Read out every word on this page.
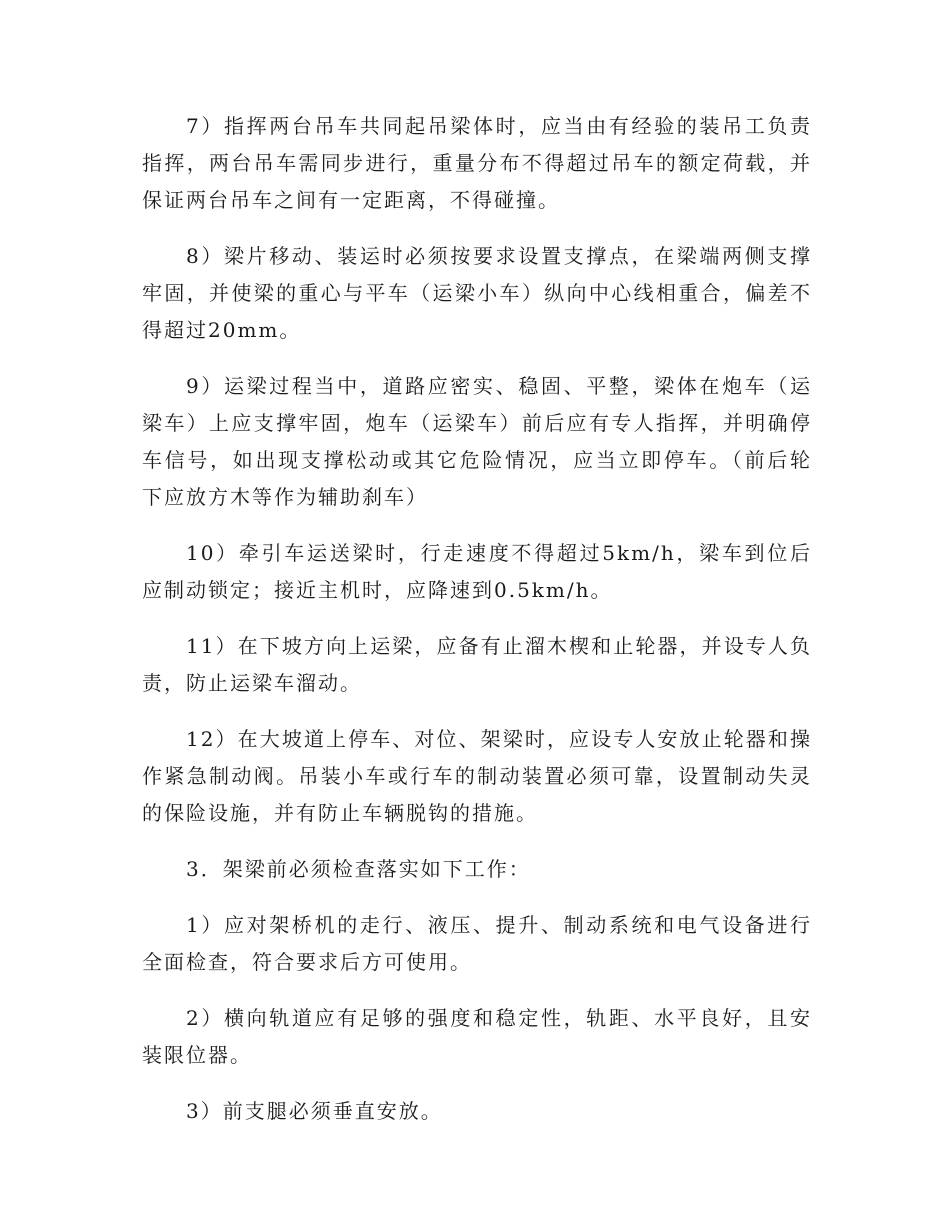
7）指挥两台吊车共同起吊梁体时，应当由有经验的装吊工负责指挥，两台吊车需同步进行，重量分布不得超过吊车的额定荷载，并保证两台吊车之间有一定距离，不得碰撞。

8）梁片移动、装运时必须按要求设置支撑点，在梁端两侧支撑牢固，并使梁的重心与平车（运梁小车）纵向中心线相重合，偏差不得超过20mm。

9）运梁过程当中，道路应密实、稳固、平整，梁体在炮车（运梁车）上应支撑牢固，炮车（运梁车）前后应有专人指挥，并明确停车信号，如出现支撑松动或其它危险情况，应当立即停车。（前后轮下应放方木等作为辅助刹车）

10）牵引车运送梁时，行走速度不得超过5km/h，梁车到位后应制动锁定；接近主机时，应降速到0.5km/h。

11）在下坡方向上运梁，应备有止溜木楔和止轮器，并设专人负责，防止运梁车溜动。

12）在大坡道上停车、对位、架梁时，应设专人安放止轮器和操作紧急制动阀。吊装小车或行车的制动装置必须可靠，设置制动失灵的保险设施，并有防止车辆脱钩的措施。

3．架梁前必须检查落实如下工作：

1）应对架桥机的走行、液压、提升、制动系统和电气设备进行全面检查，符合要求后方可使用。

2）横向轨道应有足够的强度和稳定性，轨距、水平良好，且安装限位器。

3）前支腿必须垂直安放。
